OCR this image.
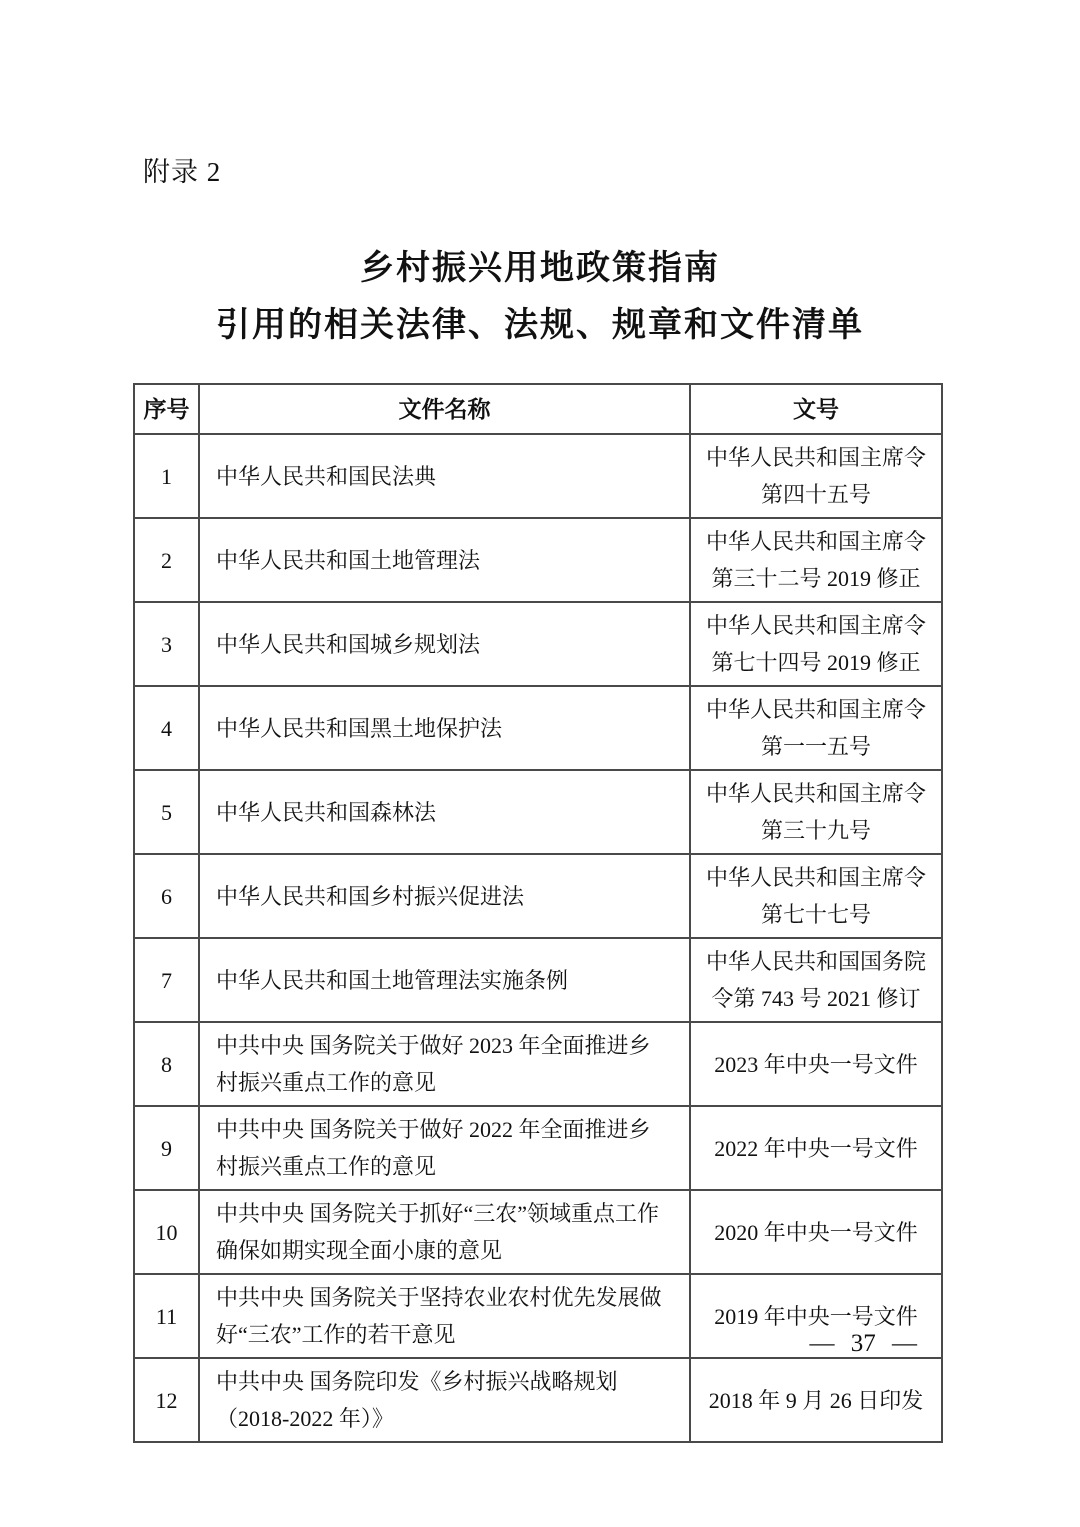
附录 2
乡村振兴用地政策指南
引用的相关法律、法规、规章和文件清单
序号	文件名称	文号
1	中华人民共和国民法典	中华人民共和国主席令第四十五号
2	中华人民共和国土地管理法	中华人民共和国主席令第三十二号 2019 修正
3	中华人民共和国城乡规划法	中华人民共和国主席令第七十四号 2019 修正
4	中华人民共和国黑土地保护法	中华人民共和国主席令第一一五号
5	中华人民共和国森林法	中华人民共和国主席令第三十九号
6	中华人民共和国乡村振兴促进法	中华人民共和国主席令第七十七号
7	中华人民共和国土地管理法实施条例	中华人民共和国国务院令第 743 号 2021 修订
8	中共中央 国务院关于做好 2023 年全面推进乡村振兴重点工作的意见	2023 年中央一号文件
9	中共中央 国务院关于做好 2022 年全面推进乡村振兴重点工作的意见	2022 年中央一号文件
10	中共中央 国务院关于抓好“三农”领域重点工作确保如期实现全面小康的意见	2020 年中央一号文件
11	中共中央 国务院关于坚持农业农村优先发展做好“三农”工作的若干意见	2019 年中央一号文件
12	中共中央 国务院印发《乡村振兴战略规划（2018-2022 年）》	2018 年 9 月 26 日印发
— 37 —
